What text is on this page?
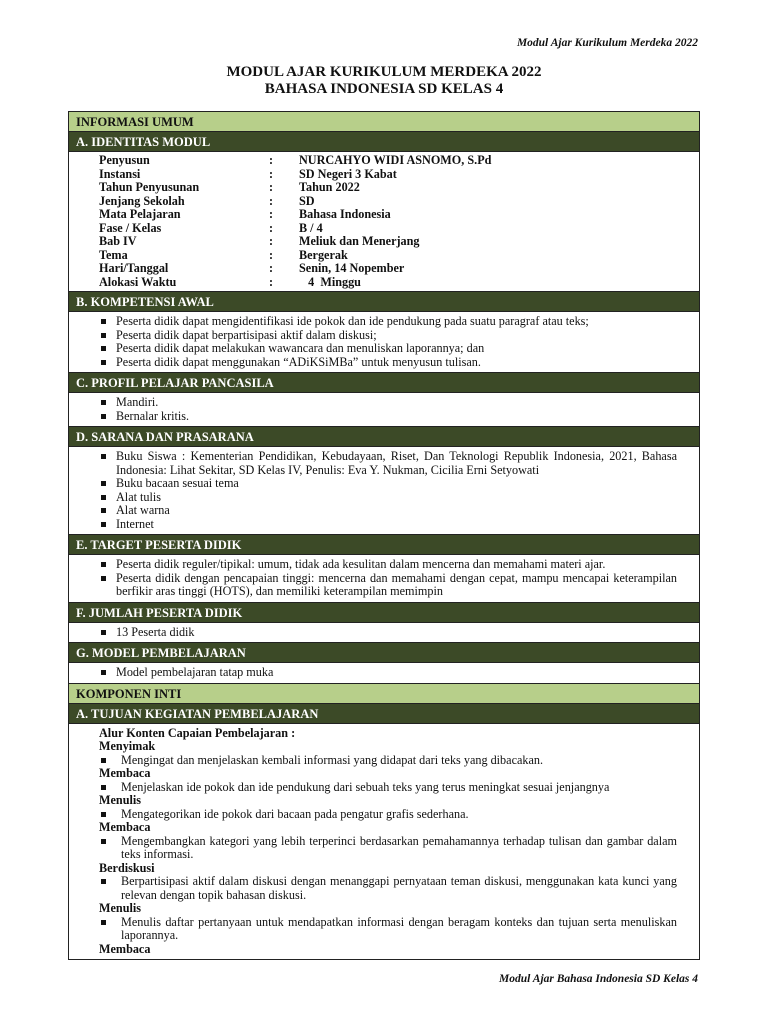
Modul Ajar Kurikulum Merdeka 2022
MODUL AJAR KURIKULUM MERDEKA 2022
BAHASA INDONESIA SD KELAS 4
INFORMASI UMUM
A. IDENTITAS MODUL
Penyusun	:	NURCAHYO WIDI ASNOMO, S.Pd
Instansi	:	SD Negeri 3 Kabat
Tahun Penyusunan	:	Tahun 2022
Jenjang Sekolah	:	SD
Mata Pelajaran	:	Bahasa Indonesia
Fase / Kelas	:	B / 4
Bab IV	:	Meliuk dan Menerjang
Tema	:	Bergerak
Hari/Tanggal	:	Senin, 14 Nopember
Alokasi Waktu	:	4  Minggu
B. KOMPETENSI AWAL
Peserta didik dapat mengidentifikasi ide pokok dan ide pendukung pada suatu paragraf atau teks;
Peserta didik dapat berpartisipasi aktif dalam diskusi;
Peserta didik dapat melakukan wawancara dan menuliskan laporannya; dan
Peserta didik dapat menggunakan “ADiKSiMBa” untuk menyusun tulisan.
C. PROFIL PELAJAR PANCASILA
Mandiri.
Bernalar kritis.
D. SARANA DAN PRASARANA
Buku Siswa : Kementerian Pendidikan, Kebudayaan, Riset, Dan Teknologi Republik Indonesia, 2021, Bahasa Indonesia: Lihat Sekitar, SD Kelas IV, Penulis: Eva Y. Nukman, Cicilia Erni Setyowati
Buku bacaan sesuai tema
Alat tulis
Alat warna
Internet
E. TARGET PESERTA DIDIK
Peserta didik reguler/tipikal: umum, tidak ada kesulitan dalam mencerna dan memahami materi ajar.
Peserta didik dengan pencapaian tinggi: mencerna dan memahami dengan cepat, mampu mencapai keterampilan berfikir aras tinggi (HOTS), dan memiliki keterampilan memimpin
F. JUMLAH PESERTA DIDIK
13 Peserta didik
G. MODEL PEMBELAJARAN
Model pembelajaran tatap muka
KOMPONEN INTI
A. TUJUAN KEGIATAN PEMBELAJARAN
Alur Konten Capaian Pembelajaran :
Menyimak
Mengingat dan menjelaskan kembali informasi yang didapat dari teks yang dibacakan.
Membaca
Menjelaskan ide pokok dan ide pendukung dari sebuah teks yang terus meningkat sesuai jenjangnya
Menulis
Mengategorikan ide pokok dari bacaan pada pengatur grafis sederhana.
Membaca
Mengembangkan kategori yang lebih terperinci berdasarkan pemahamannya terhadap tulisan dan gambar dalam teks informasi.
Berdiskusi
Berpartisipasi aktif dalam diskusi dengan menanggapi pernyataan teman diskusi, menggunakan kata kunci yang relevan dengan topik bahasan diskusi.
Menulis
Menulis daftar pertanyaan untuk mendapatkan informasi dengan beragam konteks dan tujuan serta menuliskan laporannya.
Membaca
Modul Ajar Bahasa Indonesia SD Kelas 4
